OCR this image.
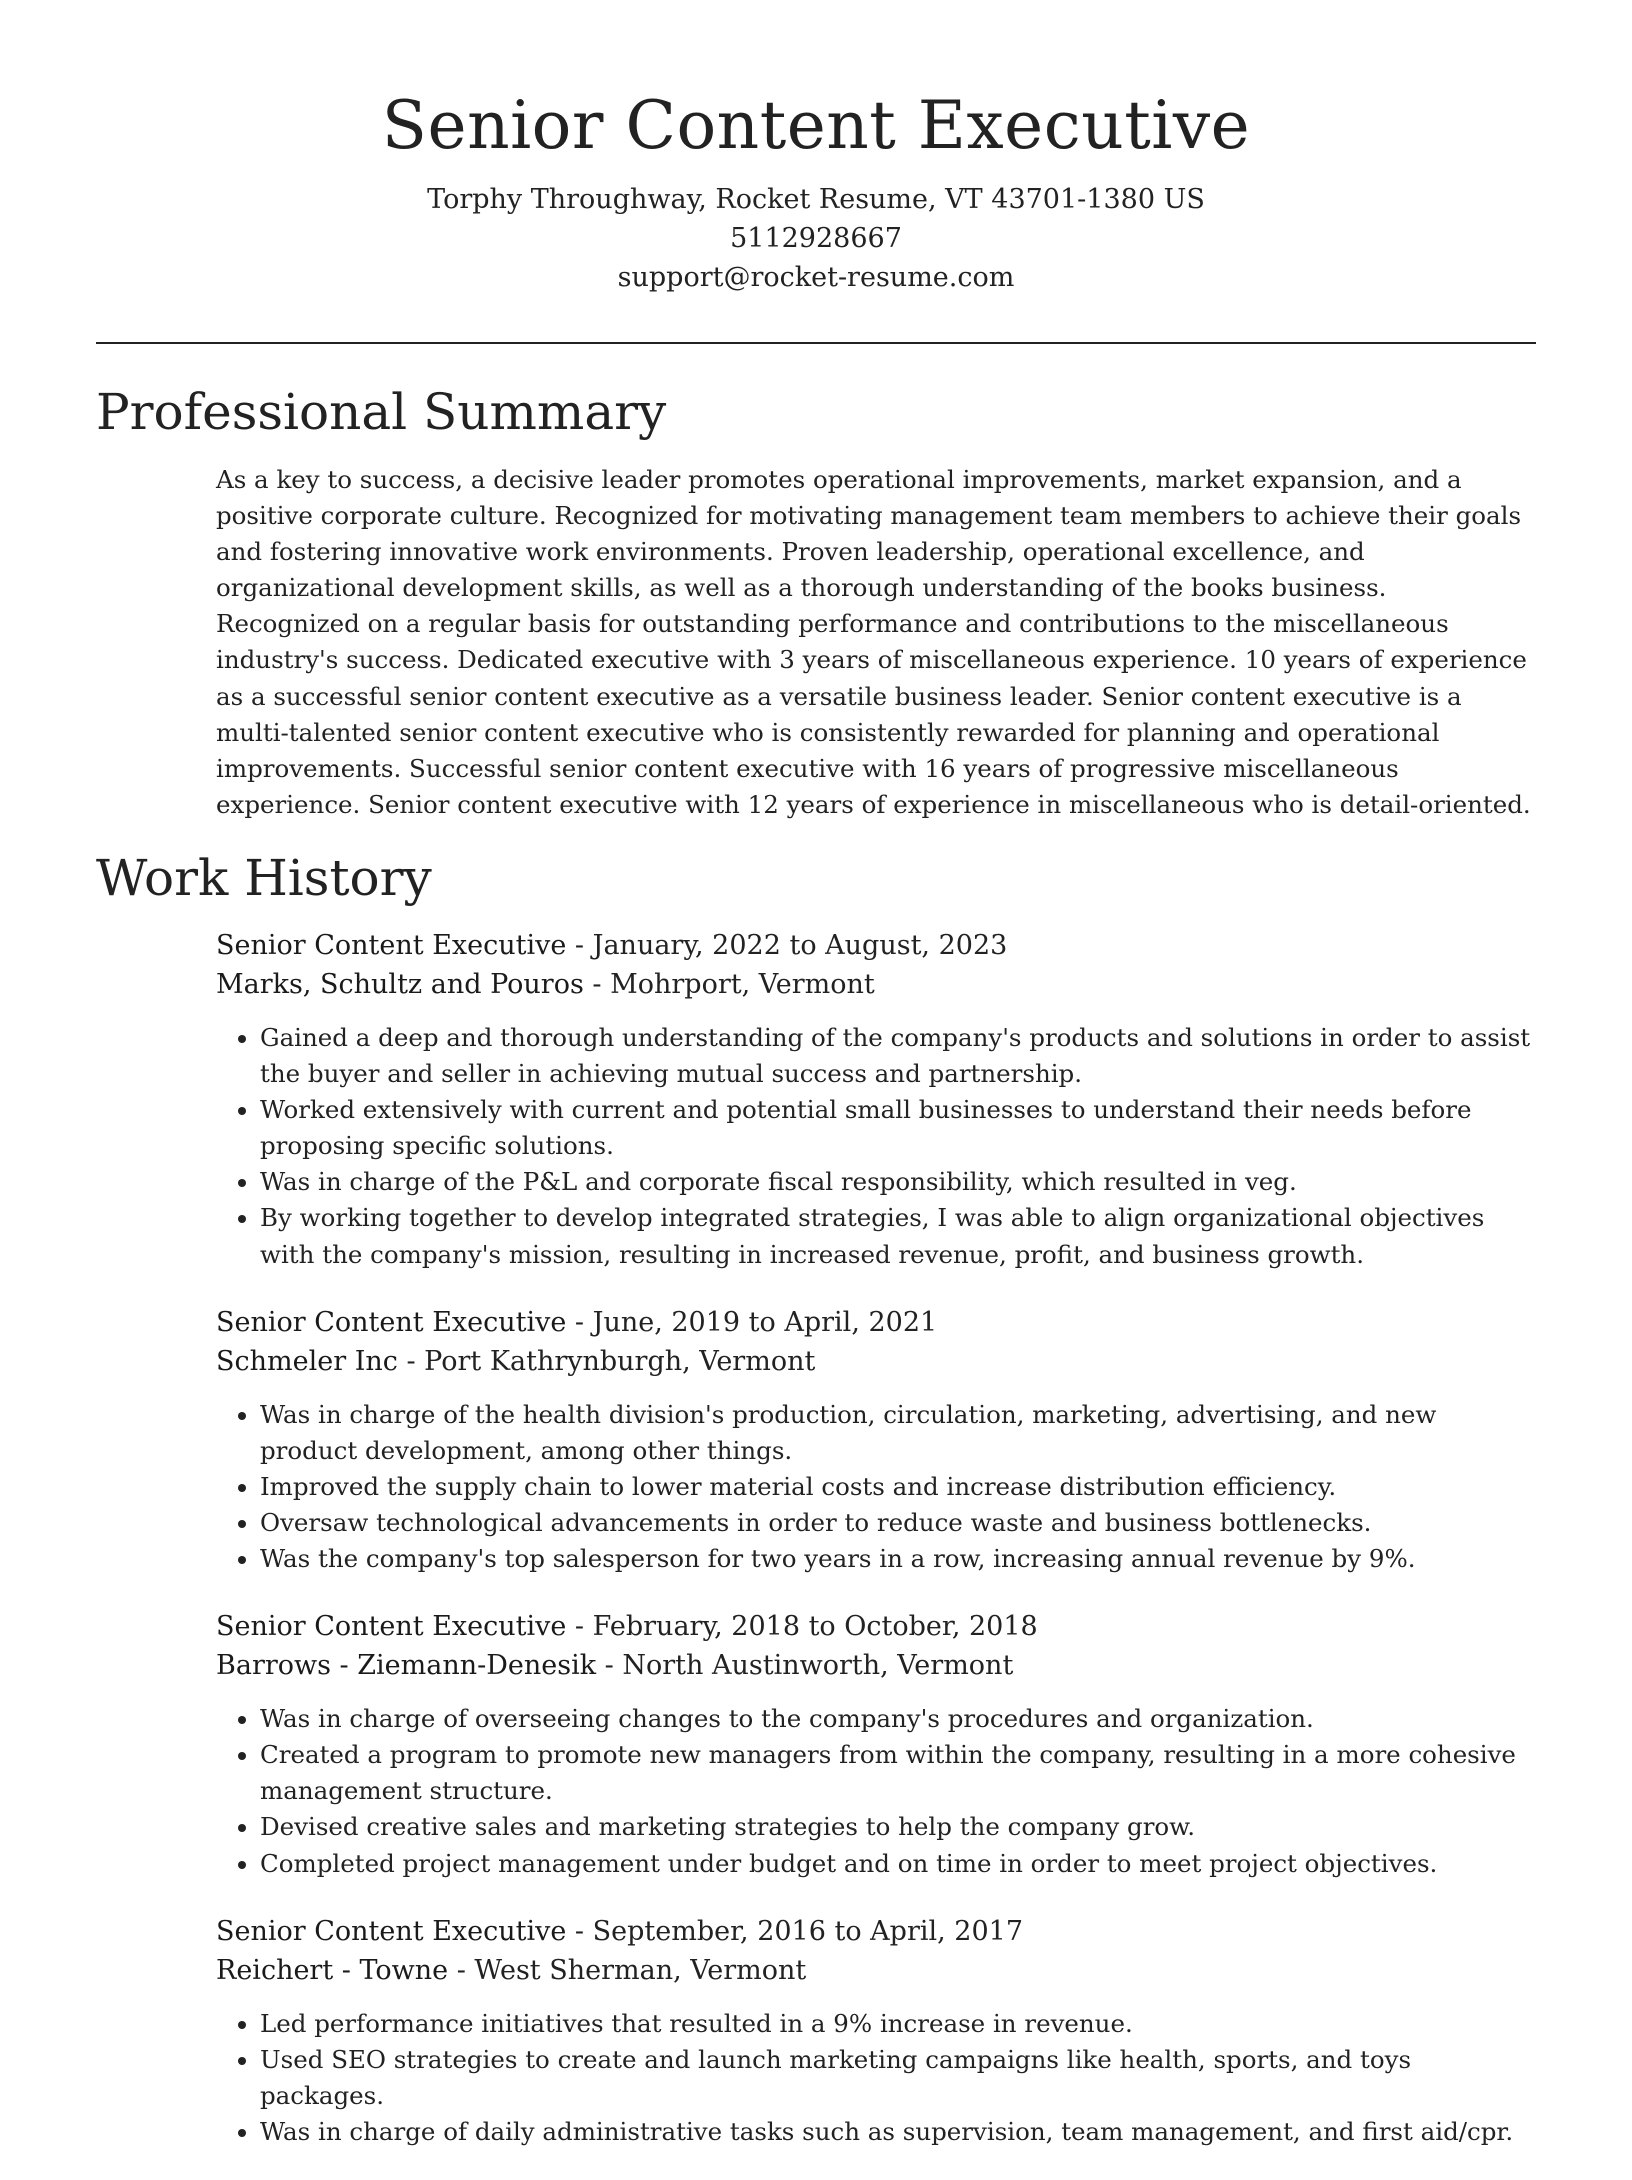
Senior Content Executive

Torphy Throughway, Rocket Resume, VT 43701-1380 US

5112928667

support@rocket-resume.com

Professional Summary

As a key to success, a decisive leader promotes operational improvements, market expansion, and a positive corporate culture. Recognized for motivating management team members to achieve their goals and fostering innovative work environments. Proven leadership, operational excellence, and organizational development skills, as well as a thorough understanding of the books business. Recognized on a regular basis for outstanding performance and contributions to the miscellaneous industry's success. Dedicated executive with 3 years of miscellaneous experience. 10 years of experience as a successful senior content executive as a versatile business leader. Senior content executive is a multi-talented senior content executive who is consistently rewarded for planning and operational improvements. Successful senior content executive with 16 years of progressive miscellaneous experience. Senior content executive with 12 years of experience in miscellaneous who is detail-oriented.

Work History

Senior Content Executive - January, 2022 to August, 2023

Marks, Schultz and Pouros - Mohrport, Vermont

• Gained a deep and thorough understanding of the company's products and solutions in order to assist the buyer and seller in achieving mutual success and partnership.
• Worked extensively with current and potential small businesses to understand their needs before proposing specific solutions.
• Was in charge of the P&L and corporate fiscal responsibility, which resulted in veg.
• By working together to develop integrated strategies, I was able to align organizational objectives with the company's mission, resulting in increased revenue, profit, and business growth.

Senior Content Executive - June, 2019 to April, 2021

Schmeler Inc - Port Kathrynburgh, Vermont

• Was in charge of the health division's production, circulation, marketing, advertising, and new product development, among other things.
• Improved the supply chain to lower material costs and increase distribution efficiency.
• Oversaw technological advancements in order to reduce waste and business bottlenecks.
• Was the company's top salesperson for two years in a row, increasing annual revenue by 9%.

Senior Content Executive - February, 2018 to October, 2018

Barrows - Ziemann-Denesik - North Austinworth, Vermont

• Was in charge of overseeing changes to the company's procedures and organization.
• Created a program to promote new managers from within the company, resulting in a more cohesive management structure.
• Devised creative sales and marketing strategies to help the company grow.
• Completed project management under budget and on time in order to meet project objectives.

Senior Content Executive - September, 2016 to April, 2017

Reichert - Towne - West Sherman, Vermont

• Led performance initiatives that resulted in a 9% increase in revenue.
• Used SEO strategies to create and launch marketing campaigns like health, sports, and toys packages.
• Was in charge of daily administrative tasks such as supervision, team management, and first aid/cpr.
